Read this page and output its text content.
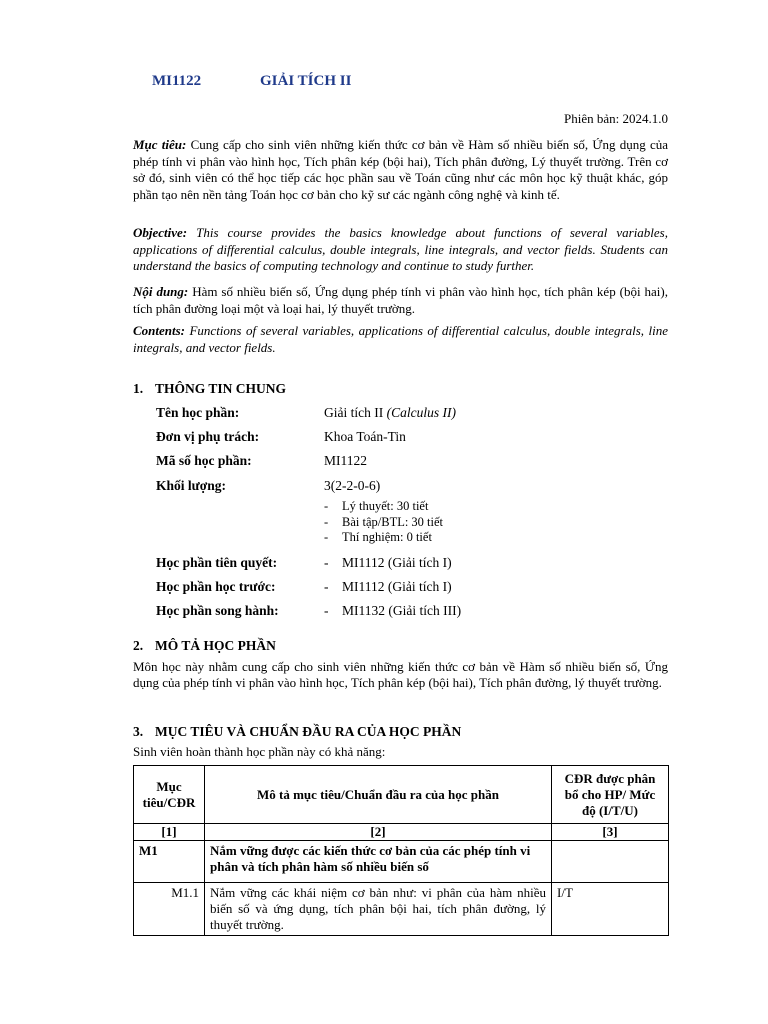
MI1122	GIẢI TÍCH II
Phiên bản: 2024.1.0
Mục tiêu: Cung cấp cho sinh viên những kiến thức cơ bản về Hàm số nhiều biến số, Ứng dụng của phép tính vi phân vào hình học, Tích phân kép (bội hai), Tích phân đường, Lý thuyết trường. Trên cơ sở đó, sinh viên có thể học tiếp các học phần sau về Toán cũng như các môn học kỹ thuật khác, góp phần tạo nên nền tảng Toán học cơ bản cho kỹ sư các ngành công nghệ và kinh tế.
Objective: This course provides the basics knowledge about functions of several variables, applications of differential calculus, double integrals, line integrals, and vector fields. Students can understand the basics of computing technology and continue to study further.
Nội dung: Hàm số nhiều biến số, Ứng dụng phép tính vi phân vào hình học, tích phân kép (bội hai), tích phân đường loại một và loại hai, lý thuyết trường.
Contents: Functions of several variables, applications of differential calculus, double integrals, line integrals, and vector fields.
1. THÔNG TIN CHUNG
Tên học phần:	Giải tích II (Calculus II)
Đơn vị phụ trách:	Khoa Toán-Tin
Mã số học phần:	MI1122
Khối lượng:	3(2-2-0-6)
Học phần tiên quyết:	- MI1112 (Giải tích I)
Học phần học trước:	- MI1112 (Giải tích I)
Học phần song hành:	- MI1132 (Giải tích III)
- Lý thuyết: 30 tiết
- Bài tập/BTL: 30 tiết
- Thí nghiệm: 0 tiết
2. MÔ TẢ HỌC PHẦN
Môn học này nhằm cung cấp cho sinh viên những kiến thức cơ bản về Hàm số nhiều biến số, Ứng dụng của phép tính vi phân vào hình học, Tích phân kép (bội hai), Tích phân đường, lý thuyết trường.
3. MỤC TIÊU VÀ CHUẨN ĐẦU RA CỦA HỌC PHẦN
Sinh viên hoàn thành học phần này có khả năng:
Mục tiêu/CĐR	Mô tả mục tiêu/Chuẩn đầu ra của học phần	CĐR được phân bổ cho HP/ Mức độ (I/T/U)
[1]	[2]	[3]
M1	Nắm vững được các kiến thức cơ bản của các phép tính vi phân và tích phân hàm số nhiều biến số	
M1.1	Nắm vững các khái niệm cơ bản như: vi phân của hàm nhiều biến số và ứng dụng, tích phân bội hai, tích phân đường, lý thuyết trường.	I/T
